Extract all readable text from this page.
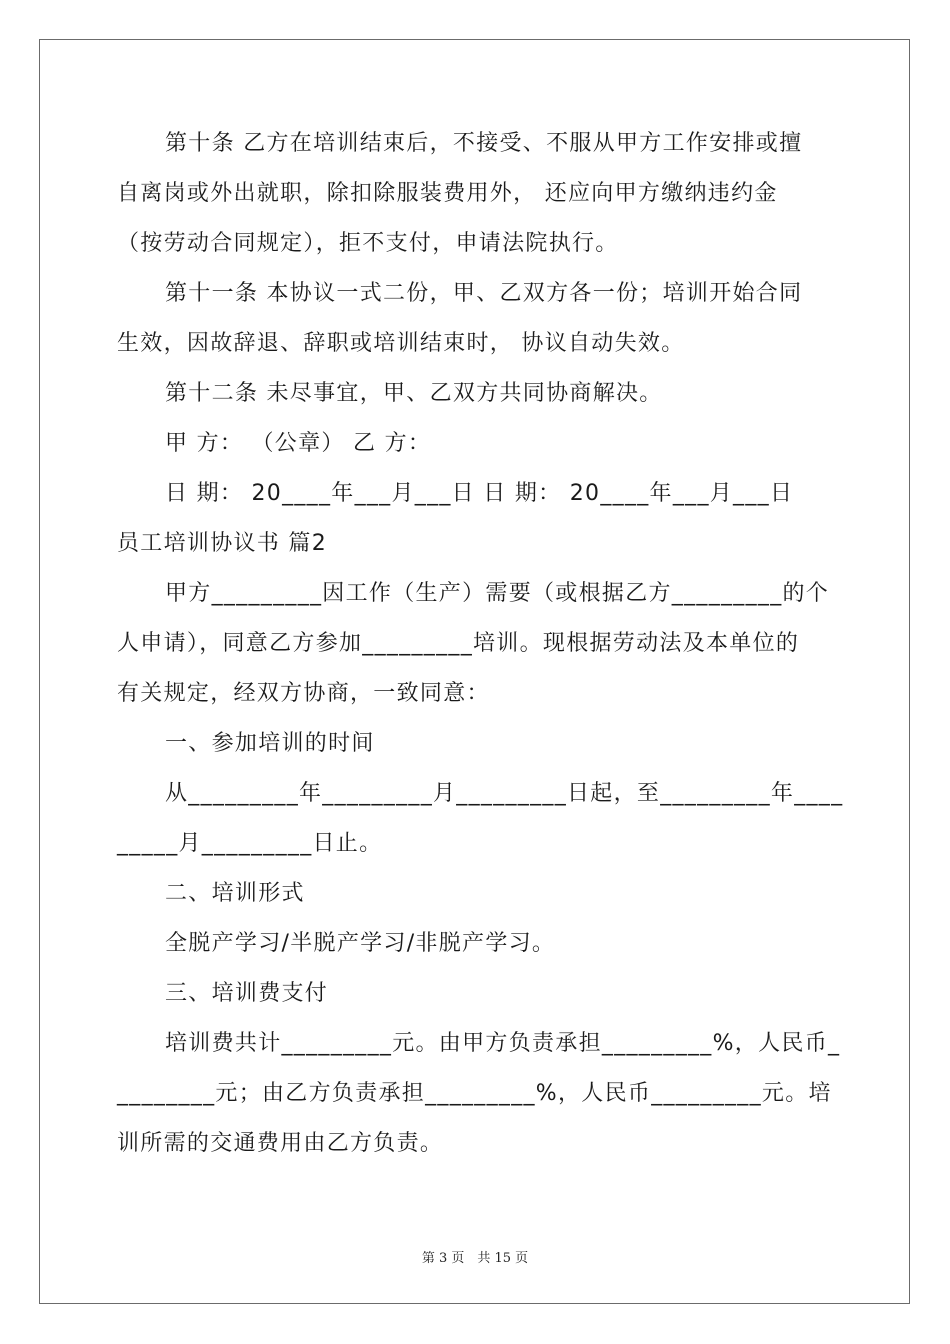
第十条 乙方在培训结束后，不接受、不服从甲方工作安排或擅
自离岗或外出就职，除扣除服装费用外， 还应向甲方缴纳违约金
（按劳动合同规定），拒不支付，申请法院执行。
第十一条 本协议一式二份，甲、乙双方各一份；培训开始合同
生效，因故辞退、辞职或培训结束时， 协议自动失效。
第十二条 未尽事宜，甲、乙双方共同协商解决。
甲 方： （公章） 乙 方：
日 期： 20____年___月___日 日 期： 20____年___月___日
员工培训协议书 篇2
甲方_________因工作（生产）需要（或根据乙方_________的个
人申请），同意乙方参加_________培训。现根据劳动法及本单位的
有关规定，经双方协商，一致同意：
一、参加培训的时间
从_________年_________月_________日起，至_________年____
_____月_________日止。
二、培训形式
全脱产学习/半脱产学习/非脱产学习。
三、培训费支付
培训费共计_________元。由甲方负责承担_________%，人民币_
________元；由乙方负责承担_________%，人民币_________元。培
训所需的交通费用由乙方负责。
第 3 页　共 15 页
